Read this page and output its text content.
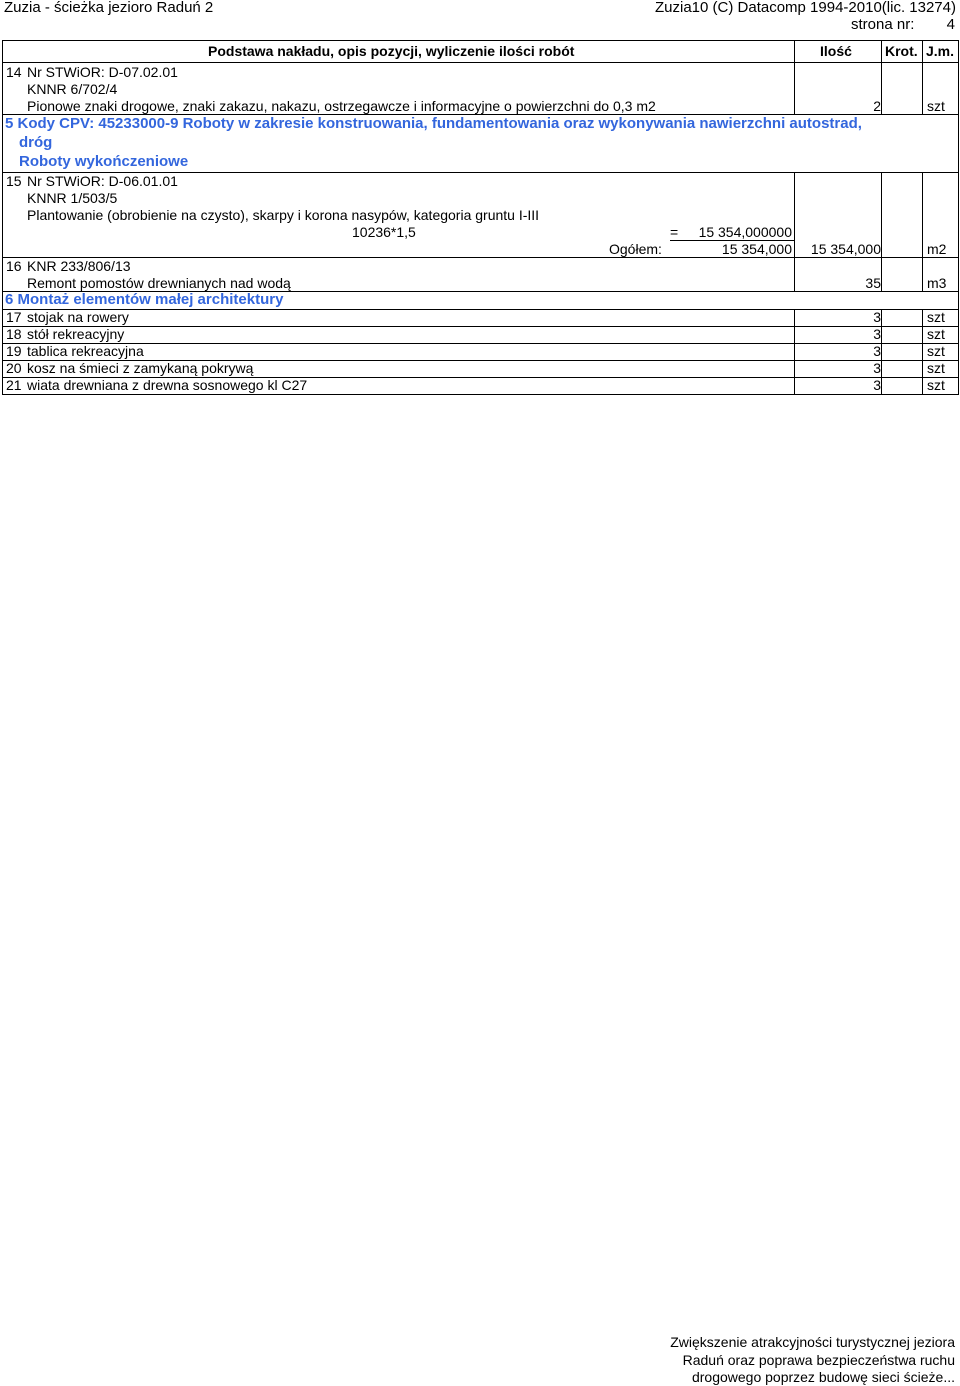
Zuzia - ścieżka jezioro Raduń 2	Zuzia10 (C) Datacomp 1994-2010(lic. 13274)
strona nr: 4
Podstawa nakładu, opis pozycji, wyliczenie ilości robót	Ilość Krot. J.m.
14 Nr STWiOR: D-07.02.01
KNNR 6/702/4
Pionowe znaki drogowe, znaki zakazu, nakazu, ostrzegawcze i informacyjne o powierzchni do 0,3 m2	2	szt
5 Kody CPV: 45233000-9 Roboty w zakresie konstruowania, fundamentowania oraz wykonywania nawierzchni autostrad,
dróg
Roboty wykończeniowe
15 Nr STWiOR: D-06.01.01
KNNR 1/503/5
Plantowanie (obrobienie na czysto), skarpy i korona nasypów, kategoria gruntu I-III
10236*1,5	= 15 354,000000
Ogółem:	15 354,000 15 354,000	m2
16 KNR 233/806/13
Remont pomostów drewnianych nad wodą	35	m3
6 Montaż elementów małej architektury
17 stojak na rowery	3	szt
18 stół rekreacyjny	3	szt
19 tablica rekreacyjna	3	szt
20 kosz na śmieci z zamykaną pokrywą	3	szt
21 wiata drewniana z drewna sosnowego kl C27	3	szt
Zwiększenie atrakcyjności turystycznej jeziora
Raduń oraz poprawa bezpieczeństwa ruchu
drogowego poprzez budowę sieci ścieże...
